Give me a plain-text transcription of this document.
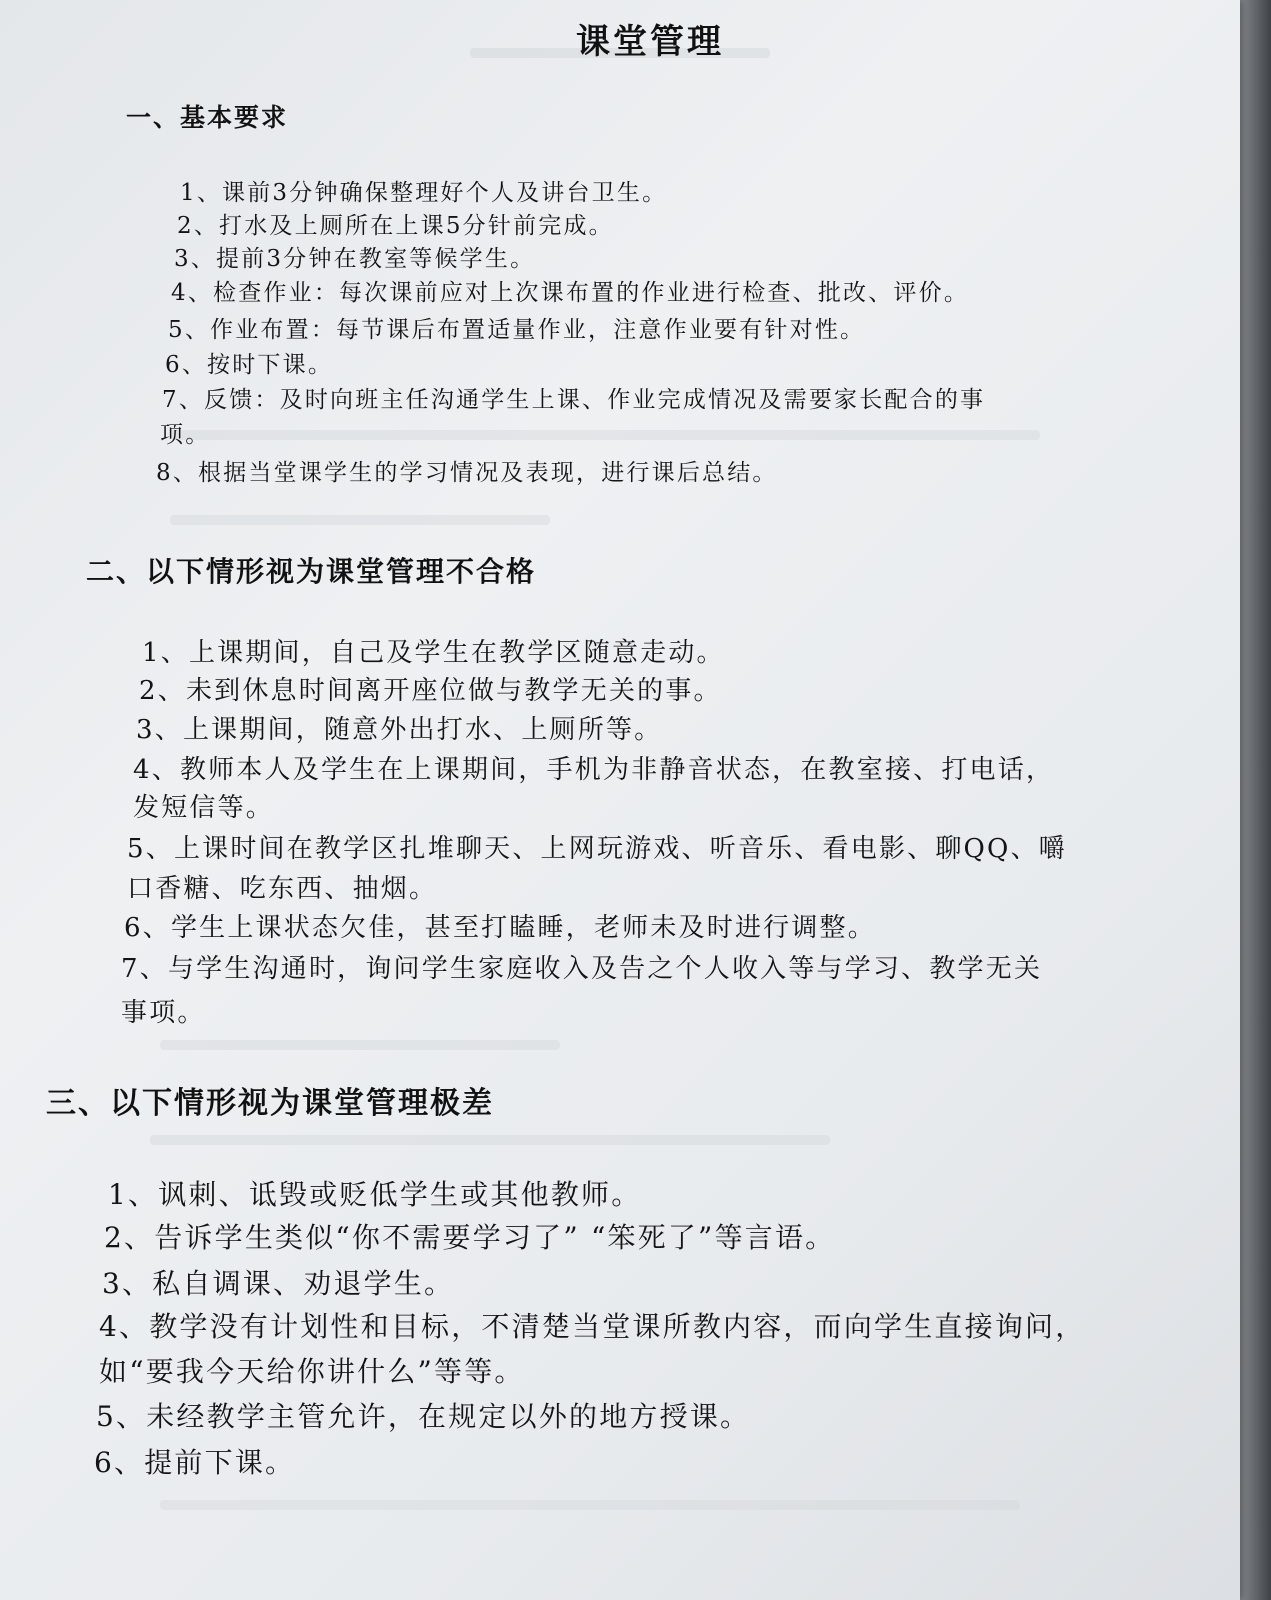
课堂管理
一、基本要求
1、课前3分钟确保整理好个人及讲台卫生。
2、打水及上厕所在上课5分针前完成。
3、提前3分钟在教室等候学生。
4、检查作业：每次课前应对上次课布置的作业进行检查、批改、评价。
5、作业布置：每节课后布置适量作业，注意作业要有针对性。
6、按时下课。
7、反馈：及时向班主任沟通学生上课、作业完成情况及需要家长配合的事
项。
8、根据当堂课学生的学习情况及表现，进行课后总结。
二、以下情形视为课堂管理不合格
1、上课期间，自己及学生在教学区随意走动。
2、未到休息时间离开座位做与教学无关的事。
3、上课期间，随意外出打水、上厕所等。
4、教师本人及学生在上课期间，手机为非静音状态，在教室接、打电话，
发短信等。
5、上课时间在教学区扎堆聊天、上网玩游戏、听音乐、看电影、聊QQ、嚼
口香糖、吃东西、抽烟。
6、学生上课状态欠佳，甚至打瞌睡，老师未及时进行调整。
7、与学生沟通时，询问学生家庭收入及告之个人收入等与学习、教学无关
事项。
三、以下情形视为课堂管理极差
1、讽刺、诋毁或贬低学生或其他教师。
2、告诉学生类似“你不需要学习了” “笨死了”等言语。
3、私自调课、劝退学生。
4、教学没有计划性和目标，不清楚当堂课所教内容，而向学生直接询问，
如“要我今天给你讲什么”等等。
5、未经教学主管允许，在规定以外的地方授课。
6、提前下课。
